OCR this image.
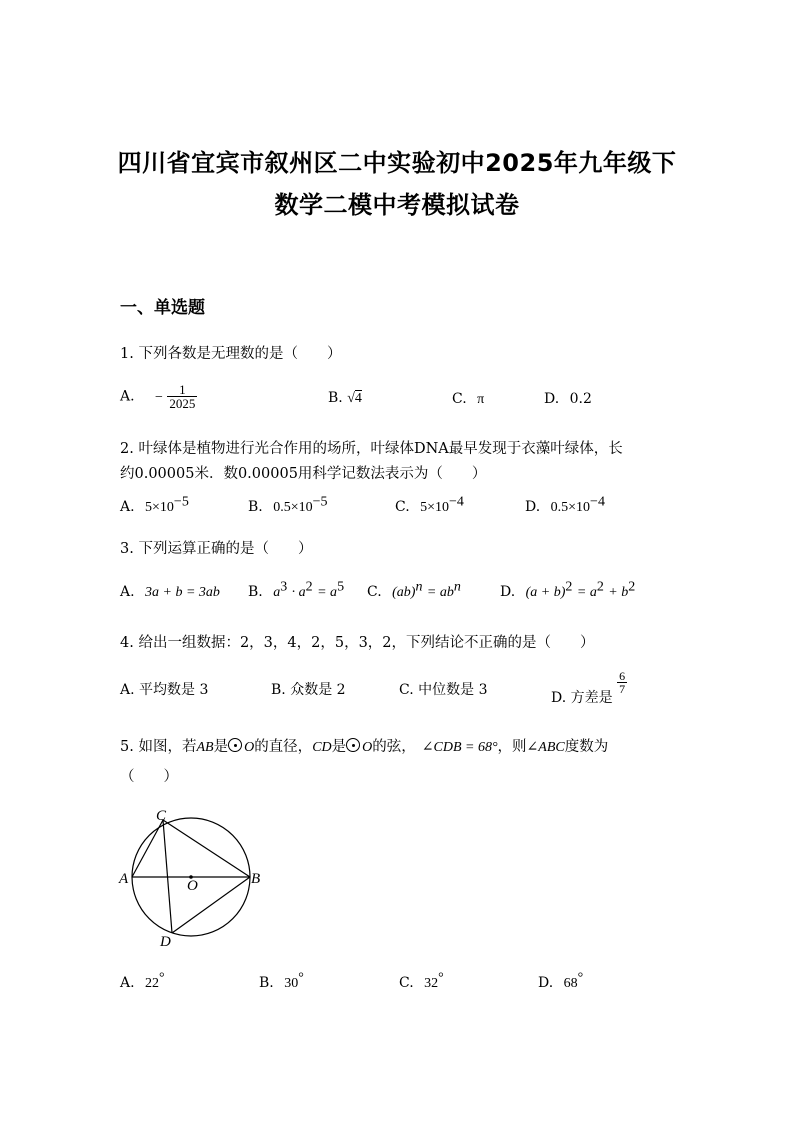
四川省宜宾市叙州区二中实验初中2025年九年级下
数学二模中考模拟试卷
一、单选题
1. 下列各数是无理数的是（　　）
A. − $\frac{1}{2025}$	B. √4	C. π	D. 0.2
2. 叶绿体是植物进行光合作用的场所，叶绿体DNA最早发现于衣藻叶绿体，长
约0.00005米．数0.00005用科学记数法表示为（　　）
A. $5\times 10^{-5}$	B. $0.5\times 10^{-5}$	C. $5\times 10^{-4}$	D. $0.5\times 10^{-4}$
3. 下列运算正确的是（　　）
A. 3a + b = 3ab B. $a^3 \cdot a^2 = a^5$ C. $(ab)^n = ab^n$	D. $(a + b)^2 = a^2 + b^2$
4. 给出一组数据：2，3，4，2，5，3，2，下列结论不正确的是（　　）
A. 平均数是 3	B. 众数是 2	C. 中位数是 3	D. 方差是
$\frac{6}{7}$
5. 如图，若AB是 O的直径，CD是 O的弦， ∠CDB = 68°，则∠ABC度数为
（　　）
C
A	O	B
D
A. 22°	B. 30°	C. 32°	D. 68°
